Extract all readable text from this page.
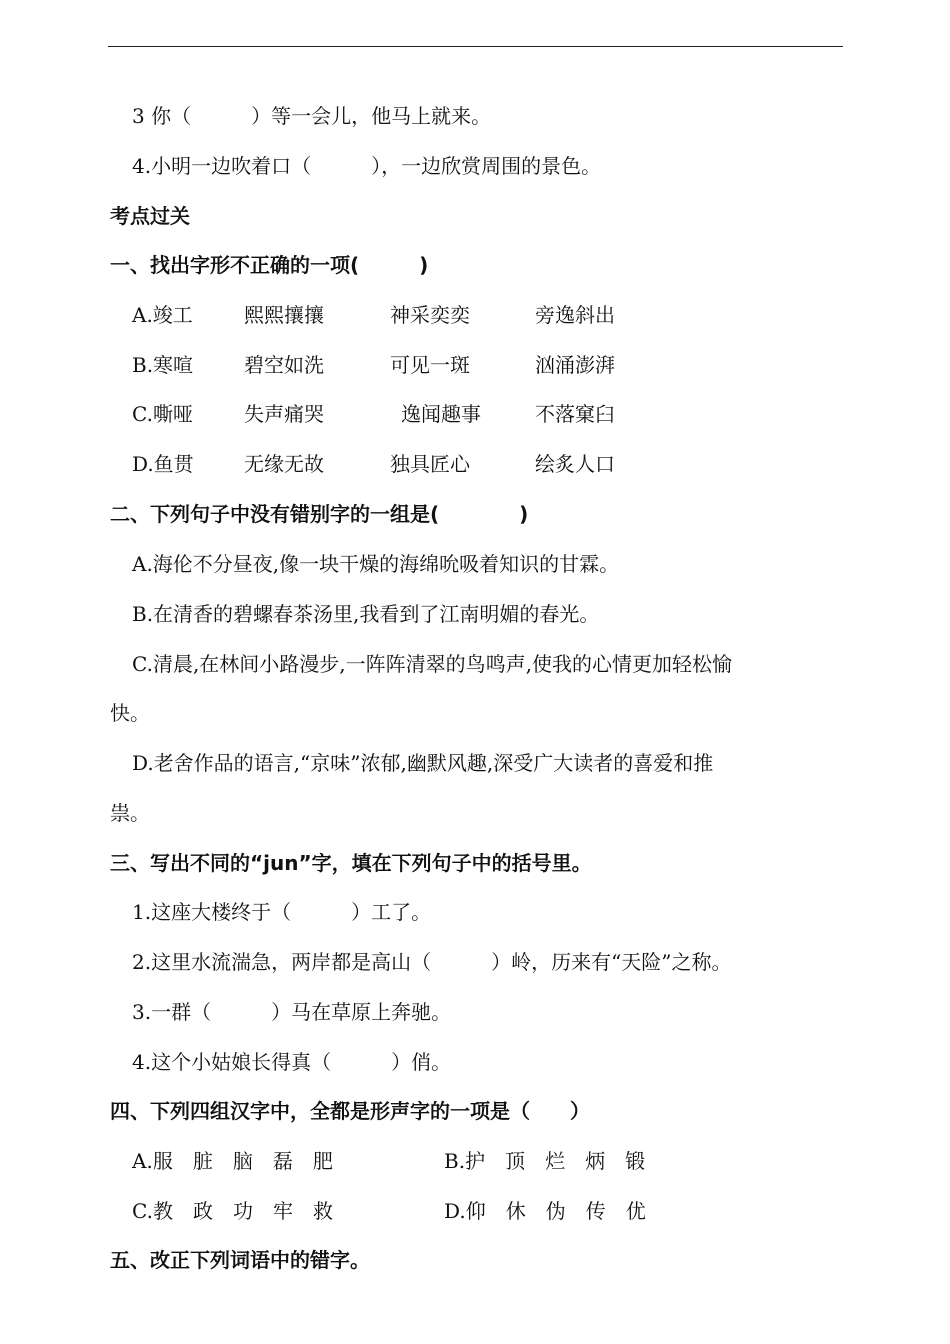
3 你（　　　）等一会儿，他马上就来。
4.小明一边吹着口（　　　），一边欣赏周围的景色。
考点过关
一、找出字形不正确的一项(　　　)
A.竣工	熙熙攘攘	神采奕奕	旁逸斜出
B.寒喧	碧空如洗	可见一斑	汹涌澎湃
C.嘶哑	失声痛哭	逸闻趣事	不落窠臼
D.鱼贯	无缘无故	独具匠心	绘炙人口
二、下列句子中没有错别字的一组是(　　　　)
A.海伦不分昼夜,像一块干燥的海绵吮吸着知识的甘霖。
B.在清香的碧螺春茶汤里,我看到了江南明媚的春光。
C.清晨,在林间小路漫步,一阵阵清翠的鸟鸣声,使我的心情更加轻松愉
快。
D.老舍作品的语言,“京味”浓郁,幽默风趣,深受广大读者的喜爱和推
祟。
三、写出不同的“jun”字，填在下列句子中的括号里。
1.这座大楼终于（　　　）工了。
2.这里水流湍急，两岸都是高山（　　　）岭，历来有“天险”之称。
3.一群（　　　）马在草原上奔驰。
4.这个小姑娘长得真（　　　）俏。
四、下列四组汉字中，全都是形声字的一项是（　　）
A.服 脏 脑 磊 肥	B.护 顶 烂 炳 锻
C.教 政 功 牢 救	D.仰 休 伪 传 优
五、改正下列词语中的错字。
